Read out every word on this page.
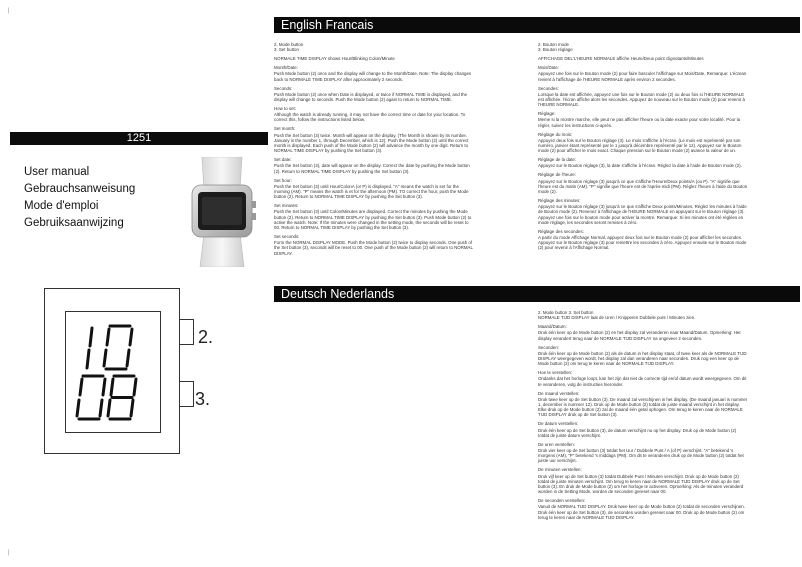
|
|
1251
User manual
Gebrauchsanweisung
Mode d'emploi
Gebruiksaanwijzing
2.
3.
English Francais
Deutsch Nederlands

2. Mode button
3. Set button

NORMALE TIME DISPLAY shows Hour/Blinking Colon/Minute

Month/Date:

Push Mode button (2) once and the display will change to the Month/Date. Note: The display changes back to NORMALE TIME DISPLAY after approximately 2 seconds.

Seconds:

Push Mode button (2) once when Date is displayed, or twice if NORMAL TIME is displayed, and the display will change to seconds. Push the Mode button (2) again to return to NORMAL TIME.

How to set:

Although the watch is already running, it may not have the correct time or date for your location. To correct this, follow the instructions listed below.

Set month:

Push the Set button (3) twice. Month will appear on the display. (The Month is shown by its number. January is the number 1, through December, which is 12). Push the Mode button (2) until the correct month is displayed. Each push of the Mode button (2) will advance the month by one digit. Return to NORMAL TIME DISPLAY by pushing the Set button (3).

Set date:

Push the Set button (3), date will appear on the display. Correct the date by pushing the Mode button (2). Return to NORMAL TIME DISPLAY by pushing the Set button (3).

Set hour:

Push the Set button (3) until Hour/ColonA (or P) is displayed. "A" means the watch is set for the morning (AM). "P" means the watch is et for the afternoon (PM). TO correct the hour, push the Mode button (2). Return to NORMAL TIME DISPLAY by pushing the Set button (3).

Set minutes:

Push the Set button (3) until Colon/Minutes are displayed. Correct the minutes by pushing the Mode button (2). Return to NORMAL TIME DISPLAY by pushing the Set button (3). Push Mode button (2) to active the watch. Note: If the minutes were changed in the setting mode, the seconds will be reset to 00. Return to NORMAL TIME DISPLAY by pushing the Set button (3).

Set seconds:

Form the NORMAL DISPLAY MODE. Push the Mode button (2) twice to display seconds. One push of the Set button (3), seconds will be reset to 00. One push of the Mode button (2) will return to NORMAL DISPLAY.

2. Bouton mode
3. Bouton réglage

AFFICHAGE DEL'L'HEURE NORMALE affiche Heure/Deux point clignotants/Minutes

Mois/Date:

Appuyez une fois sur le Bouton mode (2) pour faire basculer l'affichage sur Mois/Date. Remarque: L'écrean revient à l'affichage de l'HEURE NORMALE après environ 2 secondes.

Secondes:

Lorsque la date est affichée, appuyez une fois sur le Bouton mode (2) ou deux fois si l'HEURE NORMALE est affichée. l'écran affiche alors les secondes. Appuyez de nouveau sur le Bouton mode (2) pour revenir à l'HEURE NORMALE.

Réglage:

Meme si la montre marche, elle peut ne pas afficher l'heure ou la date exacte pour votre localité. Pour la régler, suivez les instructions ci-après.

Réglage du mois:

Appuyez deux fois sur le Bouton réglage (3). Le mois s'affiche à l'écran. (Le mois est représenté par son numéro, janvier étant représenté par le 1 jusqu'à décembre représenté par le 12). Appuyez sur le Bouton mode (2) pour afficher le mois exact. Chaque pression sur le Bouton mode (2) avance la valeur de un.

Réglage de la date:

Appuyez sur le Bouton réglage (3), la date s'affiche à l'écran. Réglez la date à l'aide de Bouton mode (2).

Réglage de l'heure:

Appuyez sur le Bouton réglage (3) jusqu'à ce que s'affiche l'Heure/Deux points/A (ou P). "A" signifie que l'heure est du matin (AM). "P" signifie que l'heure est de l'après-midi (PM). Réglez l'heure à l'aide du Bouton mode (2).

Réglage des minutes:

Appuyez sur le Bouton réglage (3) jusqu'à ce que s'affiche Deux points/Minutes. Réglez les minutes à l'aide de Bouton mode (2). Revenez à l'affichage de l'HEURE NORMALE en appuyant sur le Bouton réglage (3). Appuyez une fois sur le bouton mode pour activer la montre. Remarque: Si les minutes ont été réglées en mode réglage, les secondes seront remises à zéro.

Réglage des secondes:

A partir du mode Affichage Normal, appuyez deux fois sur le Bouton mode (2) pour afficher les secondes. Appuyez sur le Bouton réglage (3) pour remettre les secondes à zéro. Appuyez ensuite sur le Bouton mode (2) pour revenir à l'Affichage Normal.

2. Mode button 3. Set button
NORMALE TIJD DISPLAY laat de Uren / Knipperen Dubbele punt / Minuten zien.

Maand/Datum:

Druk één keer op de Mode button (2) en het display zal veranderen naar Maand/Datum. Opmerking: Het display verandert terug naar de NORMALE TIJD DISPLAY na ongeveer 2 seconden.

Seconden:

Druk één keer op de Mode button (2) als de datum in het display staat, of twee keer als de NORMALE TIJD DISPLAY weergegeven wordt, het display zal dan veranderen naar seconden. Druk nog een keer op de Mode button (2) om terug te keren naar de NORMALE TIJD DISPLAY.

Hoe te verstellen:

Ondanks dat het horloge loopt, kan het zijn dat niet de correcte tijd en/of datum wordt weergegeven. Om dit te veranderen, volg de instructies hieronder.

De maand verstellen:

Druk twee keer op de Set button (3). De maand zal verschijnen in het display. (De maand januari is nummer 1, december is nummer 12). Druk op de Mode button (2) totdat de juiste maand verschijnt in het display. Elke druk op de Mode button (2) zal de maand één getal ophogen. Om terug te keren naar de NORMALE TIJD DISPLAY druk op de Set button (3).

De datum verstellen:

Druk één keer op de Set button (3), de datum verschijnt nu op het display. Druk op de Mode button (2) totdat de juiste datum verschijnt.

De uren verstellen:

Druk vier keer op de Set button (3) totdat het Uur / Dubbele Punt / A (of P) verschijnt. "A" betekend 's morgens (AM), "P" betekend 's middags (PM). Om dit te veranderen druk op de Mode button (2) totdat het juiste uur verschijnt.

De minuten verstellen:

Druk vijf keer op de Set button (3) totdat Dubbele Punt / Minuten verschijnt. Druk op de Mode button (2) totdat de juiste minuten verschijnt. Om terug te keren naar de NORMALE TIJD DISPLAY druk op de Set button (3). En druk de Mode button (2) om het horloge te activeren. Opmerking: Als de minuten veranderd worden in de Setting Mode, worden de seconden gereset naar 00.

De seconden verstellen:

Vanuit de NORMAL TIJD DISPLAY. Druk twee keer op de Mode button (2) totdat de seconden verschijnen. Druk één keer op de Set button (3), de seconden worden gereset naar 00. Druk op de Mode button (2) om terug te keren naar de NORMALE TIJD DISPLAY.
